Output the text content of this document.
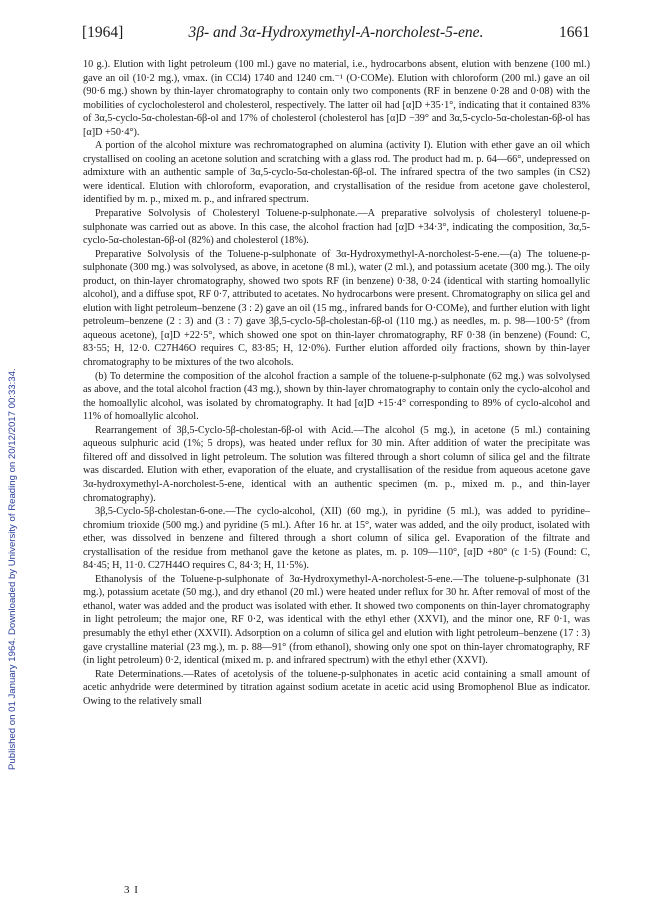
Published on 01 January 1964. Downloaded by University of Reading on 20/12/2017 00:33:34.
[1964]	3β- and 3α-Hydroxymethyl-A-norcholest-5-ene.	1661

10 g.). Elution with light petroleum (100 ml.) gave no material, i.e., hydrocarbons absent, elution with benzene (100 ml.) gave an oil (10·2 mg.), νmax. (in CCl4) 1740 and 1240 cm.⁻¹ (O·COMe). Elution with chloroform (200 ml.) gave an oil (90·6 mg.) shown by thin-layer chromatography to contain only two components (RF in benzene 0·28 and 0·08) with the mobilities of cyclocholesterol and cholesterol, respectively. The latter oil had [α]D +35·1°, indicating that it contained 83% of 3α,5-cyclo-5α-cholestan-6β-ol and 17% of cholesterol (cholesterol has [α]D −39° and 3α,5-cyclo-5α-cholestan-6β-ol has [α]D +50·4°).

A portion of the alcohol mixture was rechromatographed on alumina (activity I). Elution with ether gave an oil which crystallised on cooling an acetone solution and scratching with a glass rod. The product had m. p. 64—66°, undepressed on admixture with an authentic sample of 3α,5-cyclo-5α-cholestan-6β-ol. The infrared spectra of the two samples (in CS2) were identical. Elution with chloroform, evaporation, and crystallisation of the residue from acetone gave cholesterol, identified by m. p., mixed m. p., and infrared spectrum.

Preparative Solvolysis of Cholesteryl Toluene-p-sulphonate.—A preparative solvolysis of cholesteryl toluene-p-sulphonate was carried out as above. In this case, the alcohol fraction had [α]D +34·3°, indicating the composition, 3α,5-cyclo-5α-cholestan-6β-ol (82%) and cholesterol (18%).

Preparative Solvolysis of the Toluene-p-sulphonate of 3α-Hydroxymethyl-A-norcholest-5-ene.—(a) The toluene-p-sulphonate (300 mg.) was solvolysed, as above, in acetone (8 ml.), water (2 ml.), and potassium acetate (300 mg.). The oily product, on thin-layer chromatography, showed two spots RF (in benzene) 0·38, 0·24 (identical with starting homoallylic alcohol), and a diffuse spot, RF 0·7, attributed to acetates. No hydrocarbons were present. Chromatography on silica gel and elution with light petroleum–benzene (3 : 2) gave an oil (15 mg., infrared bands for O·COMe), and further elution with light petroleum–benzene (2 : 3) and (3 : 7) gave 3β,5-cyclo-5β-cholestan-6β-ol (110 mg.) as needles, m. p. 98—100·5° (from aqueous acetone), [α]D +22·5°, which showed one spot on thin-layer chromatography, RF 0·38 (in benzene) (Found: C, 83·55; H, 12·0. C27H46O requires C, 83·85; H, 12·0%). Further elution afforded oily fractions, shown by thin-layer chromatography to be mixtures of the two alcohols.

(b) To determine the composition of the alcohol fraction a sample of the toluene-p-sulphonate (62 mg.) was solvolysed as above, and the total alcohol fraction (43 mg.), shown by thin-layer chromatography to contain only the cyclo-alcohol and the homoallylic alcohol, was isolated by chromatography. It had [α]D +15·4° corresponding to 89% of cyclo-alcohol and 11% of homoallylic alcohol.

Rearrangement of 3β,5-Cyclo-5β-cholestan-6β-ol with Acid.—The alcohol (5 mg.), in acetone (5 ml.) containing aqueous sulphuric acid (1%; 5 drops), was heated under reflux for 30 min. After addition of water the precipitate was filtered off and dissolved in light petroleum. The solution was filtered through a short column of silica gel and the filtrate was discarded. Elution with ether, evaporation of the eluate, and crystallisation of the residue from aqueous acetone gave 3α-hydroxymethyl-A-norcholest-5-ene, identical with an authentic specimen (m. p., mixed m. p., and thin-layer chromatography).

3β,5-Cyclo-5β-cholestan-6-one.—The cyclo-alcohol, (XII) (60 mg.), in pyridine (5 ml.), was added to pyridine–chromium trioxide (500 mg.) and pyridine (5 ml.). After 16 hr. at 15°, water was added, and the oily product, isolated with ether, was dissolved in benzene and filtered through a short column of silica gel. Evaporation of the filtrate and crystallisation of the residue from methanol gave the ketone as plates, m. p. 109—110°, [α]D +80° (c 1·5) (Found: C, 84·45; H, 11·0. C27H44O requires C, 84·3; H, 11·5%).

Ethanolysis of the Toluene-p-sulphonate of 3α-Hydroxymethyl-A-norcholest-5-ene.—The toluene-p-sulphonate (31 mg.), potassium acetate (50 mg.), and dry ethanol (20 ml.) were heated under reflux for 30 hr. After removal of most of the ethanol, water was added and the product was isolated with ether. It showed two components on thin-layer chromatography in light petroleum; the major one, RF 0·2, was identical with the ethyl ether (XXVI), and the minor one, RF 0·1, was presumably the ethyl ether (XXVII). Adsorption on a column of silica gel and elution with light petroleum–benzene (17 : 3) gave crystalline material (23 mg.), m. p. 88—91° (from ethanol), showing only one spot on thin-layer chromatography, RF (in light petroleum) 0·2, identical (mixed m. p. and infrared spectrum) with the ethyl ether (XXVI).

Rate Determinations.—Rates of acetolysis of the toluene-p-sulphonates in acetic acid containing a small amount of acetic anhydride were determined by titration against sodium acetate in acetic acid using Bromophenol Blue as indicator. Owing to the relatively small

3 I
